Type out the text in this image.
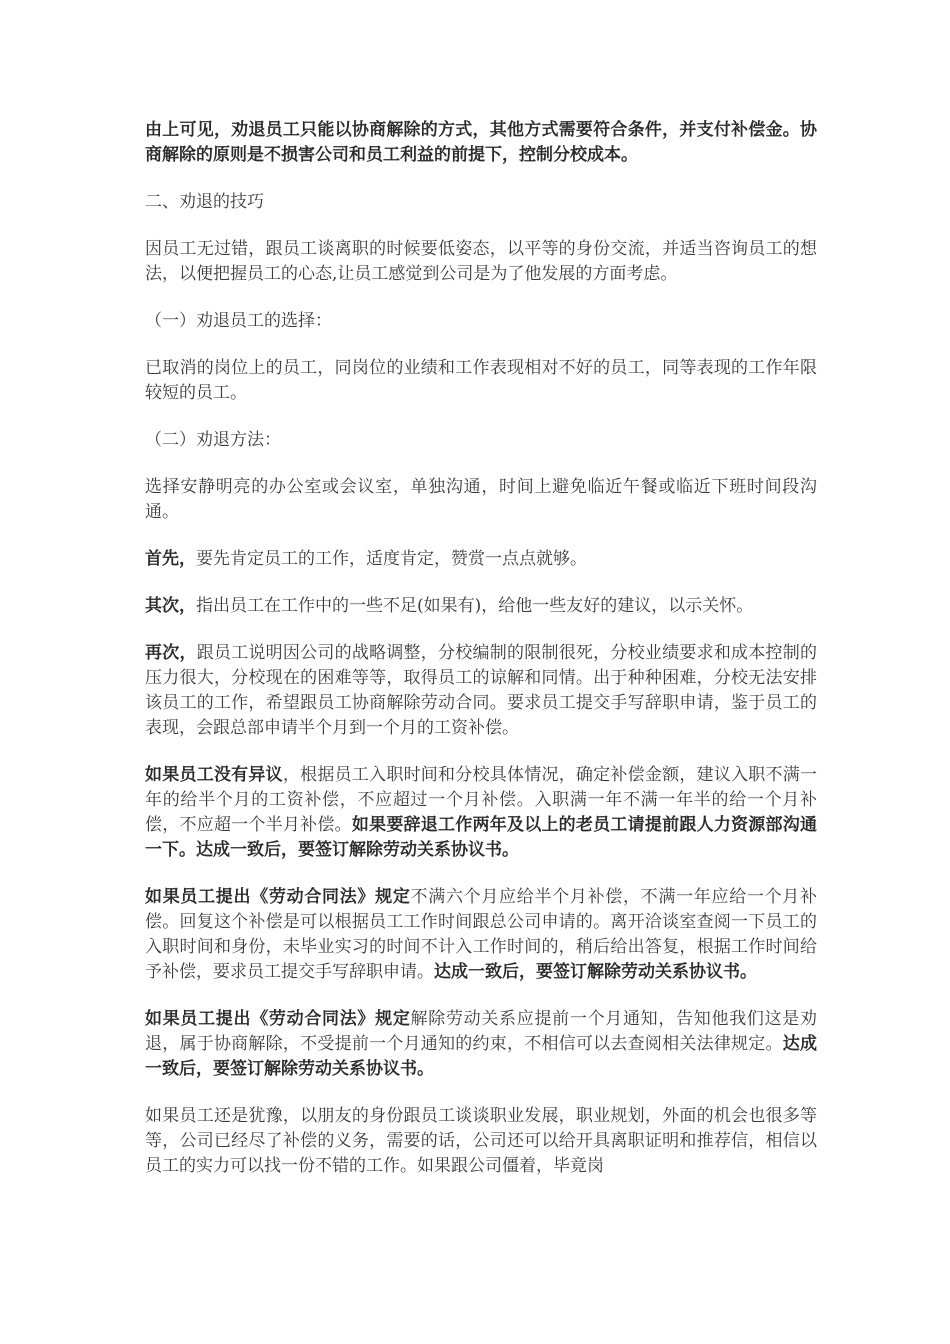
由上可见，劝退员工只能以协商解除的方式，其他方式需要符合条件，并支付补偿金。协商解除的原则是不损害公司和员工利益的前提下，控制分校成本。

二、劝退的技巧

因员工无过错，跟员工谈离职的时候要低姿态，以平等的身份交流，并适当咨询员工的想法，以便把握员工的心态,让员工感觉到公司是为了他发展的方面考虑。

（一）劝退员工的选择：

已取消的岗位上的员工，同岗位的业绩和工作表现相对不好的员工，同等表现的工作年限较短的员工。

（二）劝退方法：

选择安静明亮的办公室或会议室，单独沟通，时间上避免临近午餐或临近下班时间段沟通。

首先，要先肯定员工的工作，适度肯定，赞赏一点点就够。

其次，指出员工在工作中的一些不足(如果有)，给他一些友好的建议，以示关怀。

再次，跟员工说明因公司的战略调整，分校编制的限制很死，分校业绩要求和成本控制的压力很大，分校现在的困难等等，取得员工的谅解和同情。出于种种困难，分校无法安排该员工的工作，希望跟员工协商解除劳动合同。要求员工提交手写辞职申请，鉴于员工的表现，会跟总部申请半个月到一个月的工资补偿。

如果员工没有异议，根据员工入职时间和分校具体情况，确定补偿金额，建议入职不满一年的给半个月的工资补偿，不应超过一个月补偿。入职满一年不满一年半的给一个月补偿，不应超一个半月补偿。如果要辞退工作两年及以上的老员工请提前跟人力资源部沟通一下。达成一致后，要签订解除劳动关系协议书。

如果员工提出《劳动合同法》规定不满六个月应给半个月补偿，不满一年应给一个月补偿。回复这个补偿是可以根据员工工作时间跟总公司申请的。离开洽谈室查阅一下员工的入职时间和身份，未毕业实习的时间不计入工作时间的，稍后给出答复，根据工作时间给予补偿，要求员工提交手写辞职申请。达成一致后，要签订解除劳动关系协议书。

如果员工提出《劳动合同法》规定解除劳动关系应提前一个月通知，告知他我们这是劝退，属于协商解除，不受提前一个月通知的约束，不相信可以去查阅相关法律规定。达成一致后，要签订解除劳动关系协议书。

如果员工还是犹豫，以朋友的身份跟员工谈谈职业发展，职业规划，外面的机会也很多等等，公司已经尽了补偿的义务，需要的话，公司还可以给开具离职证明和推荐信，相信以员工的实力可以找一份不错的工作。如果跟公司僵着，毕竟岗
